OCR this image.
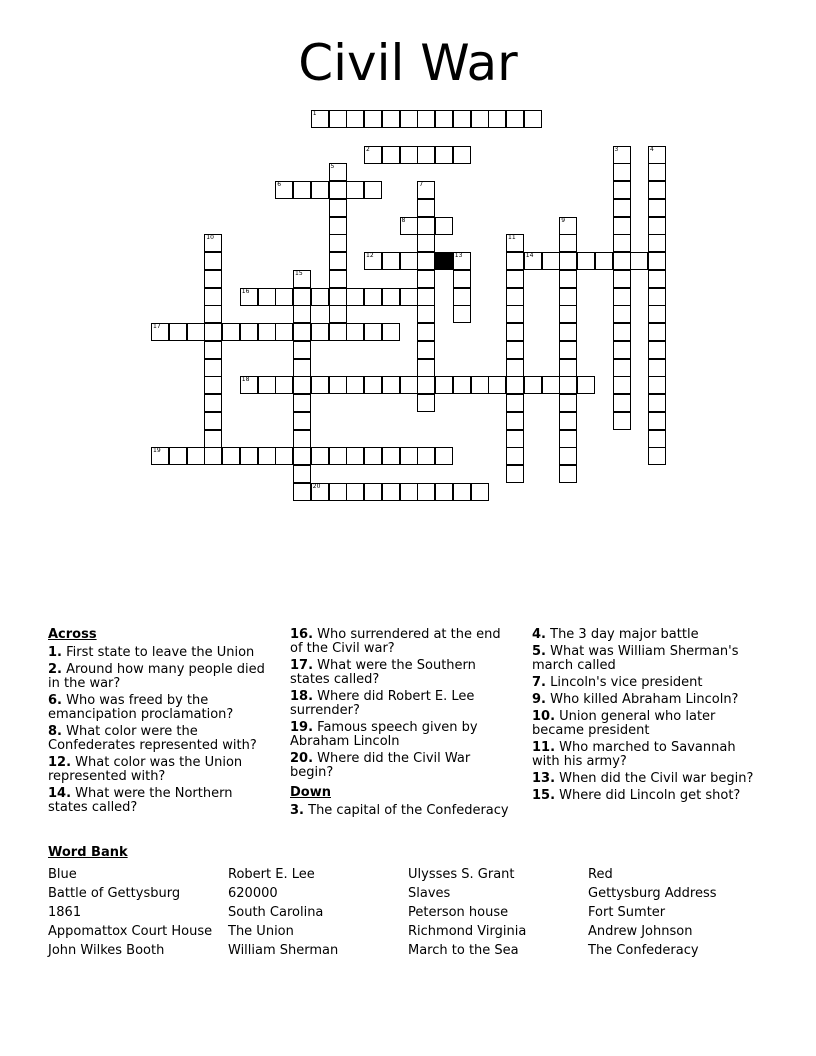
Civil War
1
2	3	4
5
6	7
8	9
10	11
12	13	14
15
16
17
18
19
20
Across
1. First state to leave the Union
2. Around how many people died in the war?
6. Who was freed by the emancipation proclamation?
8. What color were the Confederates represented with?
12. What color was the Union represented with?
14. What were the Northern states called?
16. Who surrendered at the end of the Civil war?
17. What were the Southern states called?
18. Where did Robert E. Lee surrender?
19. Famous speech given by Abraham Lincoln
20. Where did the Civil War begin?
Down
3. The capital of the Confederacy
4. The 3 day major battle
5. What was William Sherman's march called
7. Lincoln's vice president
9. Who killed Abraham Lincoln?
10. Union general who later became president
11. Who marched to Savannah with his army?
13. When did the Civil war begin?
15. Where did Lincoln get shot?
Word Bank
Blue
Battle of Gettysburg
1861
Appomattox Court House
John Wilkes Booth
Robert E. Lee
620000
South Carolina
The Union
William Sherman
Ulysses S. Grant
Slaves
Peterson house
Richmond Virginia
March to the Sea
Red
Gettysburg Address
Fort Sumter
Andrew Johnson
The Confederacy
